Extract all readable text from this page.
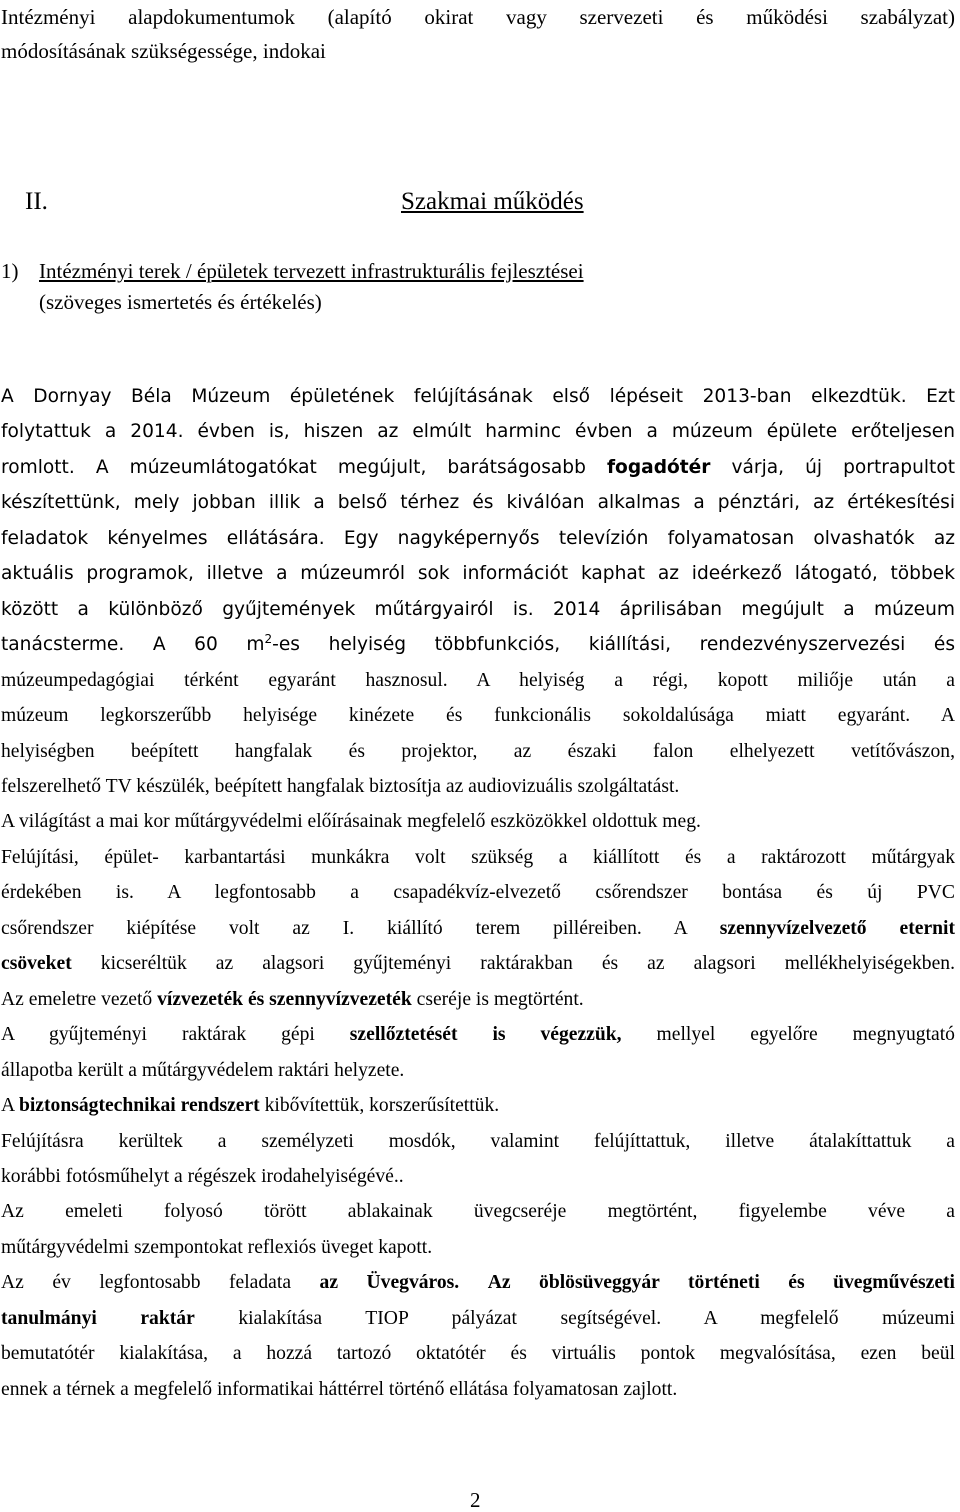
Intézményi alapdokumentumok (alapító okirat vagy szervezeti és működési szabályzat)
módosításának szükségessége, indokai
II.	Szakmai működés
1) Intézményi terek / épületek tervezett infrastrukturális fejlesztései
(szöveges ismertetés és értékelés)
A Dornyay Béla Múzeum épületének felújításának első lépéseit 2013-ban elkezdtük. Ezt
folytattuk a 2014. évben is, hiszen az elmúlt harminc évben a múzeum épülete erőteljesen
romlott. A múzeumlátogatókat megújult, barátságosabb fogadótér várja, új portrapultot
készítettünk, mely jobban illik a belső térhez és kiválóan alkalmas a pénztári, az értékesítési
feladatok kényelmes ellátására. Egy nagyképernyős televízión folyamatosan olvashatók az
aktuális programok, illetve a múzeumról sok információt kaphat az ideérkező látogató, többek
között a különböző gyűjtemények műtárgyairól is. 2014 áprilisában megújult a múzeum
tanácsterme. A 60 $m^2-es$ helyiség többfunkciós, kiállítási, rendezvényszervezési és
múzeumpedagógiai térként egyaránt hasznosul. A helyiség a régi, kopott miliője után a
múzeum legkorszerűbb helyisége kinézete és funkcionális sokoldalúsága miatt egyaránt. A
helyiségben beépített hangfalak és projektor, az északi falon elhelyezett vetítővászon,
felszerelhető TV készülék, beépített hangfalak biztosítja az audiovizuális szolgáltatást.
A világítást a mai kor műtárgyvédelmi előírásainak megfelelő eszközökkel oldottuk meg.
Felújítási, épület- karbantartási munkákra volt szükség a kiállított és a raktározott műtárgyak
érdekében is. A legfontosabb a csapadékvíz-elvezető csőrendszer bontása és új PVC
csőrendszer kiépítése volt az I. kiállító terem pilléreiben. A szennyvízelvezető eternit
csöveket kicseréltük az alagsori gyűjteményi raktárakban és az alagsori mellékhelyiségekben.
Az emeletre vezető vízvezeték és szennyvízvezeték cseréje is megtörtént.
A gyűjteményi raktárak gépi szellőztetését is végezzük, mellyel egyelőre megnyugtató
állapotba került a műtárgyvédelem raktári helyzete.
A biztonságtechnikai rendszert kibővítettük, korszerűsítettük.
Felújításra kerültek a személyzeti mosdók, valamint felújíttattuk, illetve átalakíttattuk a
korábbi fotósműhelyt a régészek irodahelyiségévé..
Az emeleti folyosó törött ablakainak üvegcseréje megtörtént, figyelembe véve a
műtárgyvédelmi szempontokat reflexiós üveget kapott.
Az év legfontosabb feladata az Üvegváros. Az öblösüveggyár történeti és üvegművészeti
tanulmányi raktár kialakítása TIOP pályázat segítségével. A megfelelő múzeumi
bemutatótér kialakítása, a hozzá tartozó oktatótér és virtuális pontok megvalósítása, ezen beül
ennek a térnek a megfelelő informatikai háttérrel történő ellátása folyamatosan zajlott.
2
